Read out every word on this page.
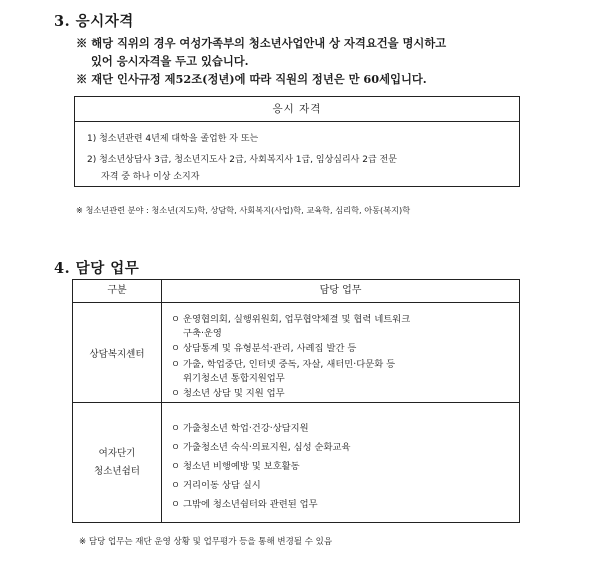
3. 응시자격
※ 해당 직위의 경우 여성가족부의 청소년사업안내 상 자격요건을 명시하고
있어 응시자격을 두고 있습니다.
※ 재단 인사규정 제52조(정년)에 따라 직원의 정년은 만 60세입니다.
응시 자격
1) 청소년관련 4년제 대학을 졸업한 자 또는
2) 청소년상담사 3급, 청소년지도사 2급, 사회복지사 1급, 임상심리사 2급 전문
자격 중 하나 이상 소지자
※ 청소년관련 분야 : 청소년(지도)학, 상담학, 사회복지(사업)학, 교육학, 심리학, 아동(복지)학
4. 담당 업무
구분	담당 업무
상담복지센터
ㅇ 운영협의회, 실행위원회, 업무협약체결 및 협력 네트워크
구축·운영
ㅇ 상담통계 및 유형분석·관리, 사례집 발간 등
ㅇ 가출, 학업중단, 인터넷 중독, 자살, 새터민·다문화 등
위기청소년 통합지원업무
ㅇ 청소년 상담 및 지원 업무
여자단기
청소년쉼터
ㅇ 가출청소년 학업·건강·상담지원
ㅇ 가출청소년 숙식·의료지원, 심성 순화교육
ㅇ 청소년 비행예방 및 보호활동
ㅇ 거리이동 상담 실시
ㅇ 그밖에 청소년쉼터와 관련된 업무
※ 담당 업무는 재단 운영 상황 및 업무평가 등을 통해 변경될 수 있음
